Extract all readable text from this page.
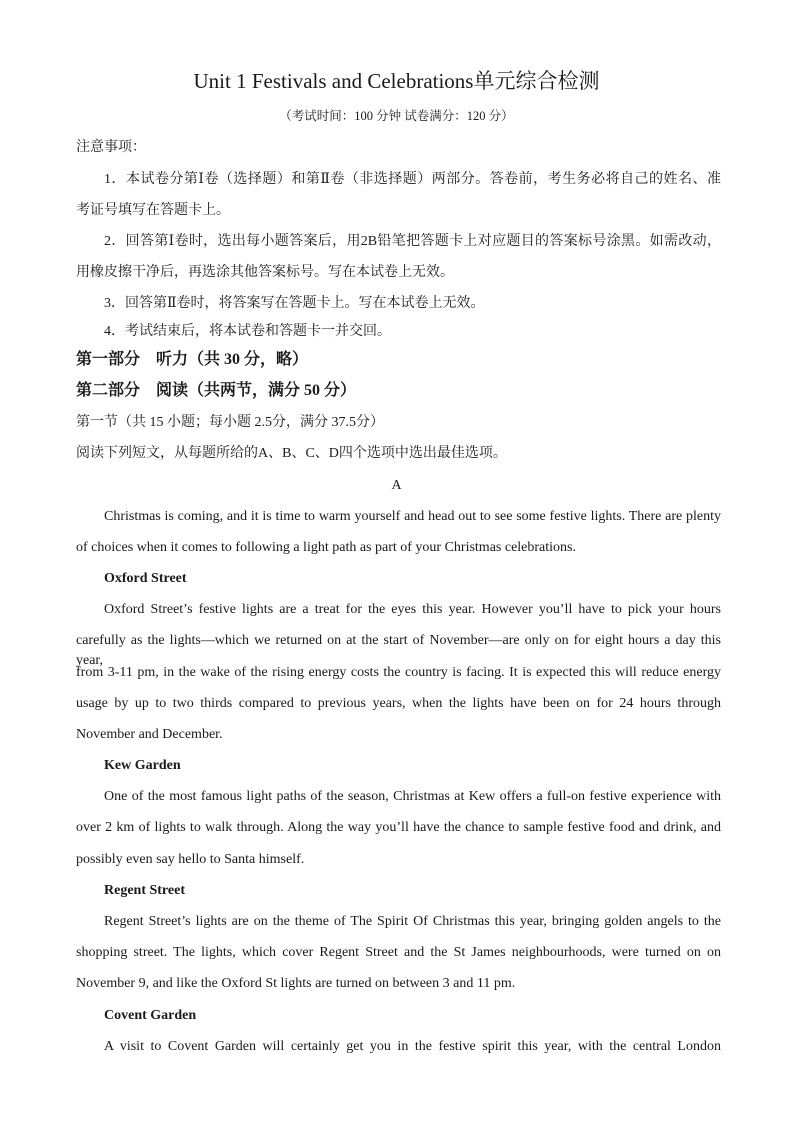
Unit 1 Festivals and Celebrations单元综合检测
（考试时间：100 分钟 试卷满分：120 分）
注意事项：
1．本试卷分第Ⅰ卷（选择题）和第Ⅱ卷（非选择题）两部分。答卷前，考生务必将自己的姓名、准
考证号填写在答题卡上。
2．回答第Ⅰ卷时，选出每小题答案后，用2B铅笔把答题卡上对应题目的答案标号涂黑。如需改动，
用橡皮擦干净后，再选涂其他答案标号。写在本试卷上无效。
3．回答第Ⅱ卷时，将答案写在答题卡上。写在本试卷上无效。
4．考试结束后，将本试卷和答题卡一并交回。
第一部分　听力（共 30 分，略）
第二部分　阅读（共两节，满分 50 分）
第一节（共 15 小题；每小题 2.5分，满分 37.5分）
阅读下列短文，从每题所给的A、B、C、D四个选项中选出最佳选项。
A
Christmas is coming, and it is time to warm yourself and head out to see some festive lights. There are plenty
of choices when it comes to following a light path as part of your Christmas celebrations.
Oxford Street
Oxford Street’s festive lights are a treat for the eyes this year. However you’ll have to pick your hours
carefully as the lights—which we returned on at the start of November—are only on for eight hours a day this year,
from 3-11 pm, in the wake of the rising energy costs the country is facing. It is expected this will reduce energy
usage by up to two thirds compared to previous years, when the lights have been on for 24 hours through
November and December.
Kew Garden
One of the most famous light paths of the season, Christmas at Kew offers a full-on festive experience with
over 2 km of lights to walk through. Along the way you’ll have the chance to sample festive food and drink, and
possibly even say hello to Santa himself.
Regent Street
Regent Street’s lights are on the theme of The Spirit Of Christmas this year, bringing golden angels to the
shopping street. The lights, which cover Regent Street and the St James neighbourhoods, were turned on on
November 9, and like the Oxford St lights are turned on between 3 and 11 pm.
Covent Garden
A visit to Covent Garden will certainly get you in the festive spirit this year, with the central London
